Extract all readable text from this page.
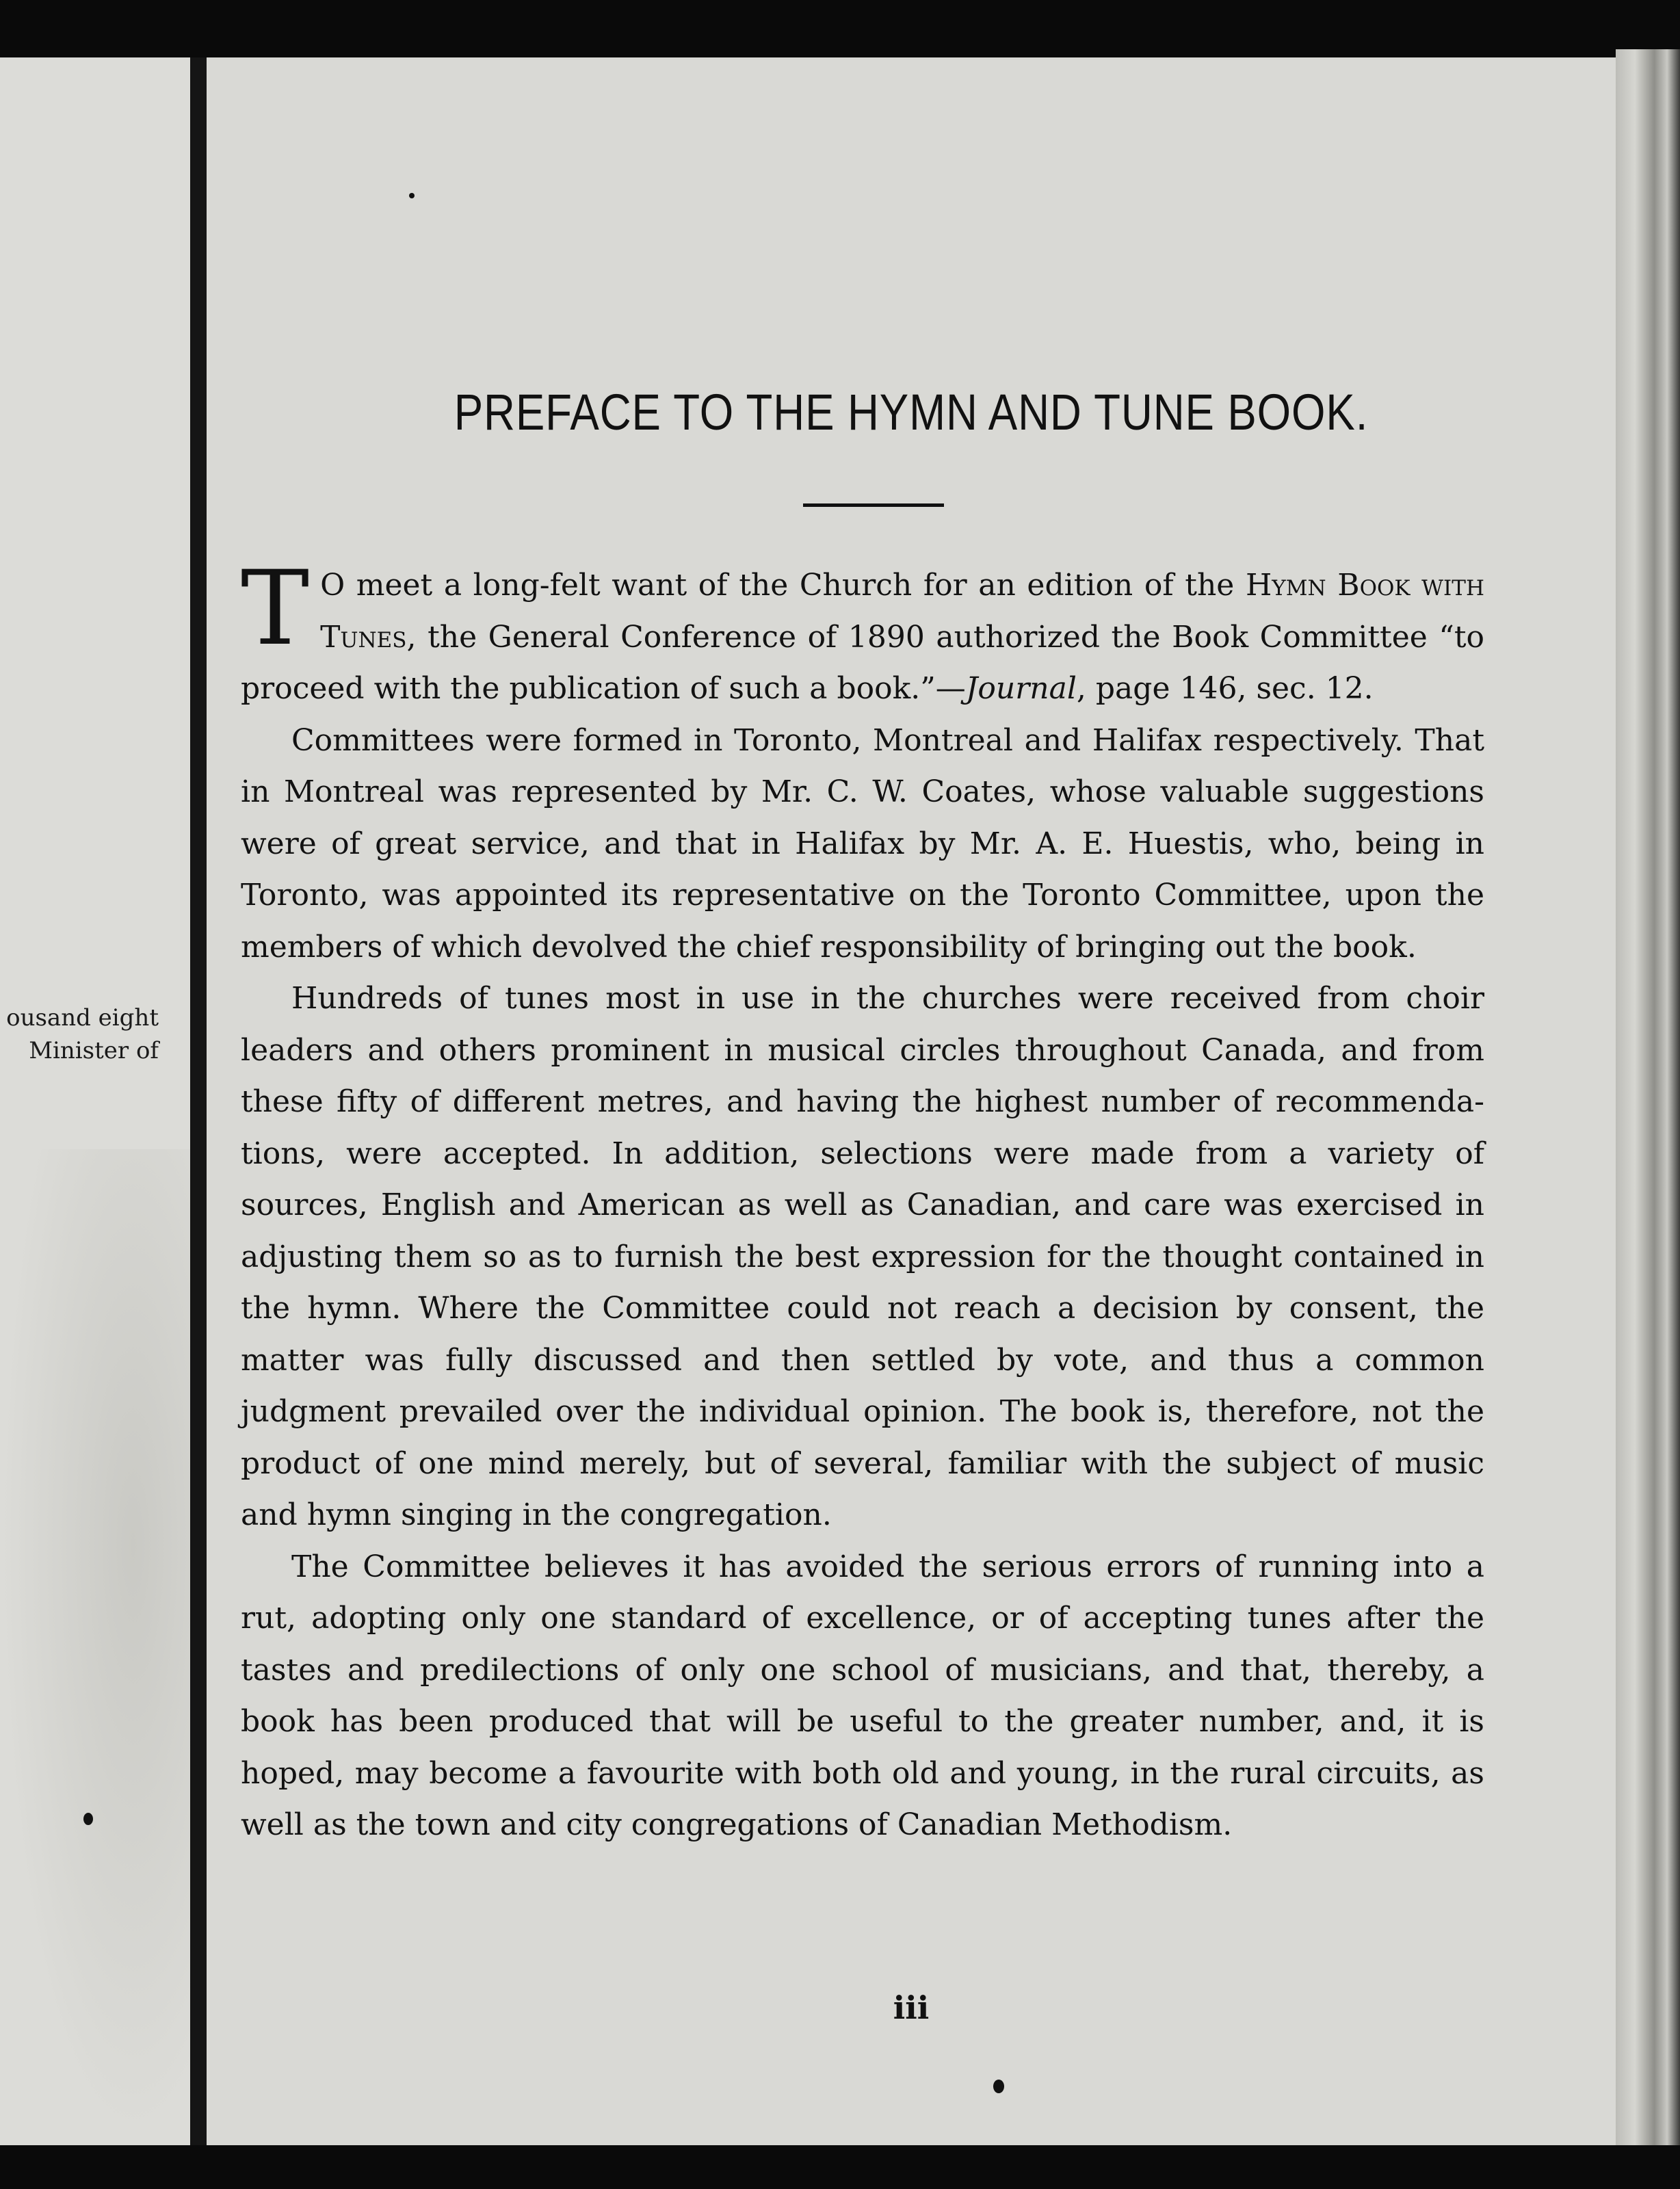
ousand eight
Minister of
PREFACE TO THE HYMN AND TUNE BOOK.

T O meet a long-felt want of the Church for an edition of the Hymn Book with Tunes, the General Conference of 1890 authorized the Book Committee “to proceed with the publication of such a book.”—Journal, page 146, sec. 12.

Committees were formed in Toronto, Montreal and Halifax respectively. That in Montreal was represented by Mr. C. W. Coates, whose valuable suggestions were of great service, and that in Halifax by Mr. A. E. Huestis, who, being in Toronto, was appointed its representative on the Toronto Committee, upon the members of which devolved the chief responsibility of bringing out the book.

Hundreds of tunes most in use in the churches were received from choir leaders and others prominent in musical circles throughout Canada, and from these fifty of different metres, and having the highest number of recommendations, were accepted. In addition, selections were made from a variety of sources, English and American as well as Canadian, and care was exercised in adjusting them so as to furnish the best expression for the thought contained in the hymn. Where the Committee could not reach a decision by consent, the matter was fully discussed and then settled by vote, and thus a common judgment prevailed over the individual opinion. The book is, therefore, not the product of one mind merely, but of several, familiar with the subject of music and hymn singing in the congregation.

The Committee believes it has avoided the serious errors of running into a rut, adopting only one standard of excellence, or of accepting tunes after the tastes and predilections of only one school of musicians, and that, thereby, a book has been produced that will be useful to the greater number, and, it is hoped, may become a favourite with both old and young, in the rural circuits, as well as the town and city congregations of Canadian Methodism.

iii
